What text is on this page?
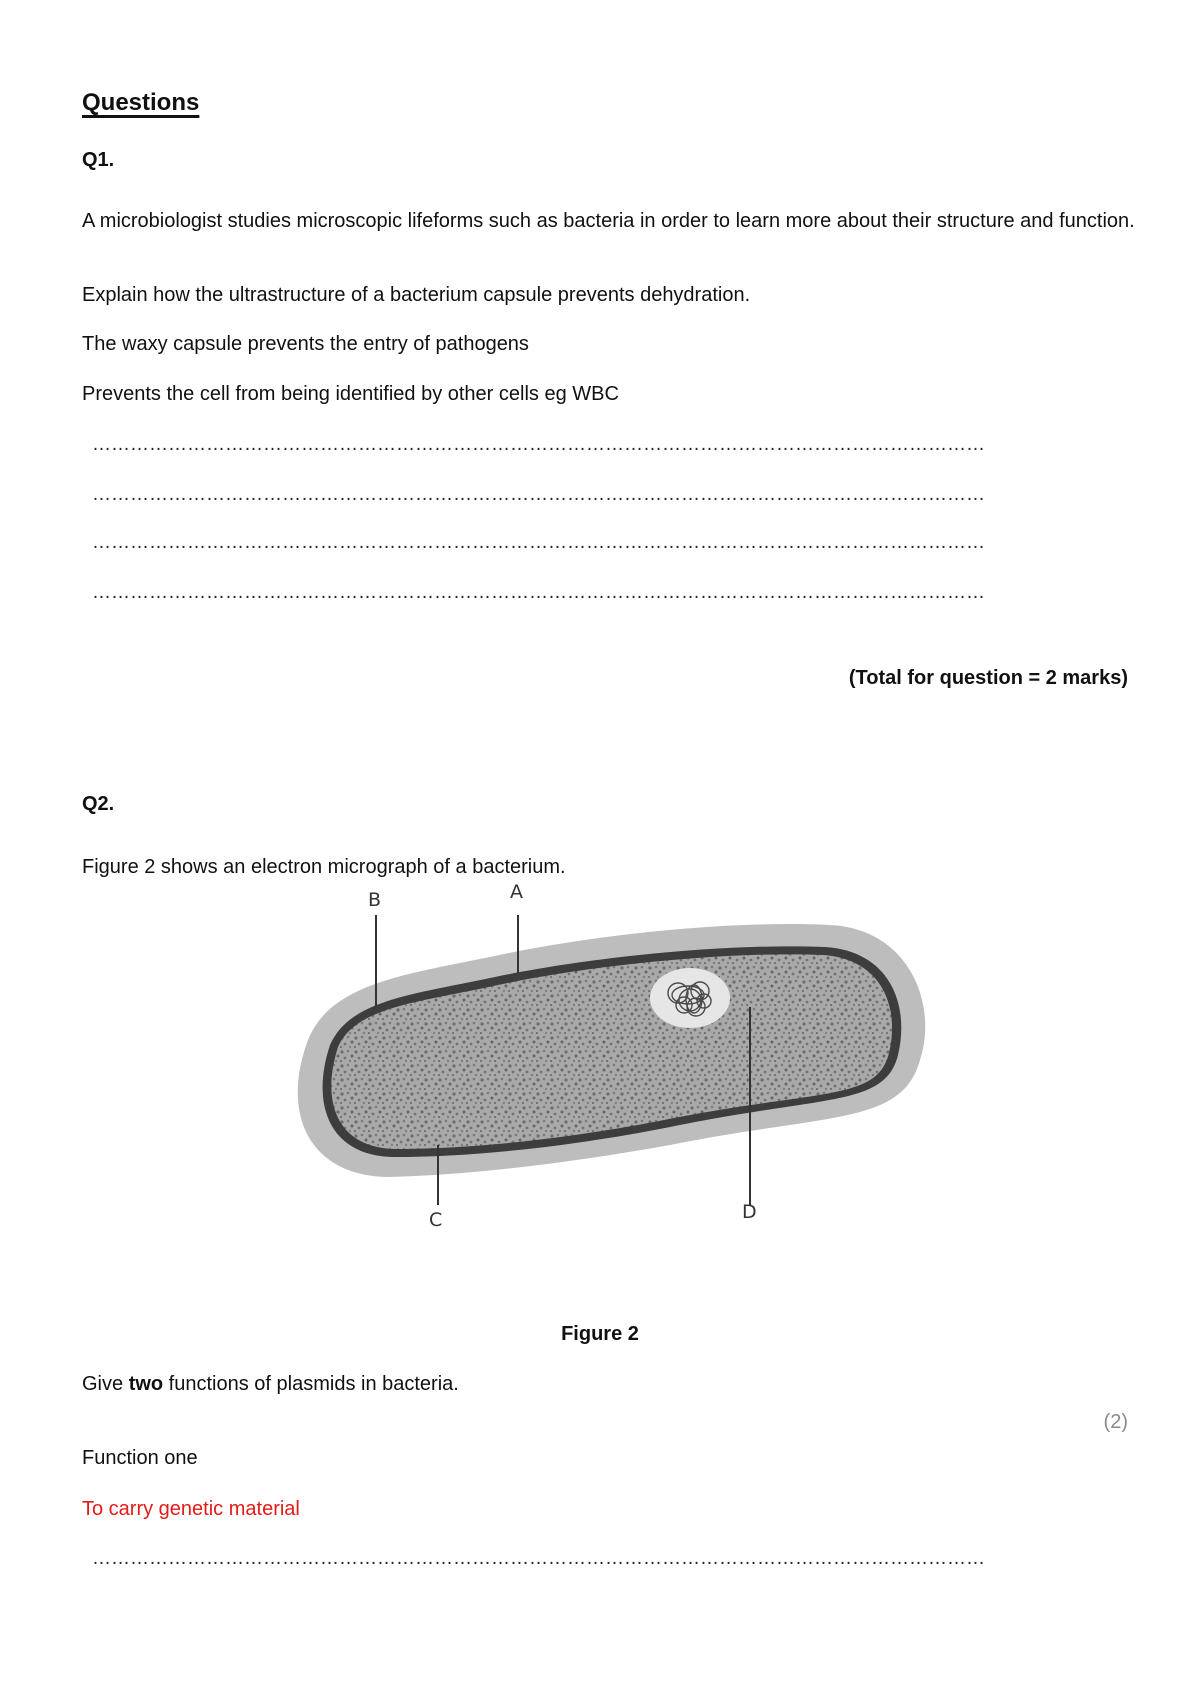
Questions
Q1.
A microbiologist studies microscopic lifeforms such as bacteria in order to learn more about their structure and function.
Explain how the ultrastructure of a bacterium capsule prevents dehydration.
The waxy capsule prevents the entry of pathogens
Prevents the cell from being identified by other cells eg WBC
……………………………………………………………………………………………………………………………
……………………………………………………………………………………………………………………………
……………………………………………………………………………………………………………………………
……………………………………………………………………………………………………………………………
(Total for question = 2 marks)
Q2.
Figure 2 shows an electron micrograph of a bacterium.
A
B
C	D
Figure 2
Give two functions of plasmids in bacteria.
(2)
Function one
To carry genetic material
……………………………………………………………………………………………………………………………
